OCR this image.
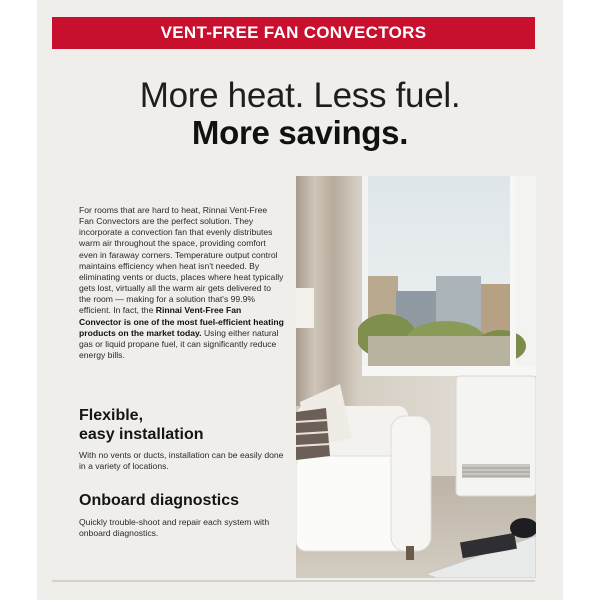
VENT-FREE FAN CONVECTORS
More heat. Less fuel.
More savings.
For rooms that are hard to heat, Rinnai Vent-Free Fan Convectors are the perfect solution. They incorporate a convection fan that evenly distributes warm air throughout the space, providing comfort even in faraway corners. Temperature output control maintains efficiency when heat isn't needed. By eliminating vents or ducts, places where heat typically gets lost, virtually all the warm air gets delivered to the room — making for a solution that's 99.9% efficient. In fact, the Rinnai Vent-Free Fan Convector is one of the most fuel-efficient heating products on the market today. Using either natural gas or liquid propane fuel, it can significantly reduce energy bills.
Flexible,
easy installation
With no vents or ducts, installation can be easily done in a variety of locations.
Onboard diagnostics
Quickly trouble-shoot and repair each system with onboard diagnostics.
